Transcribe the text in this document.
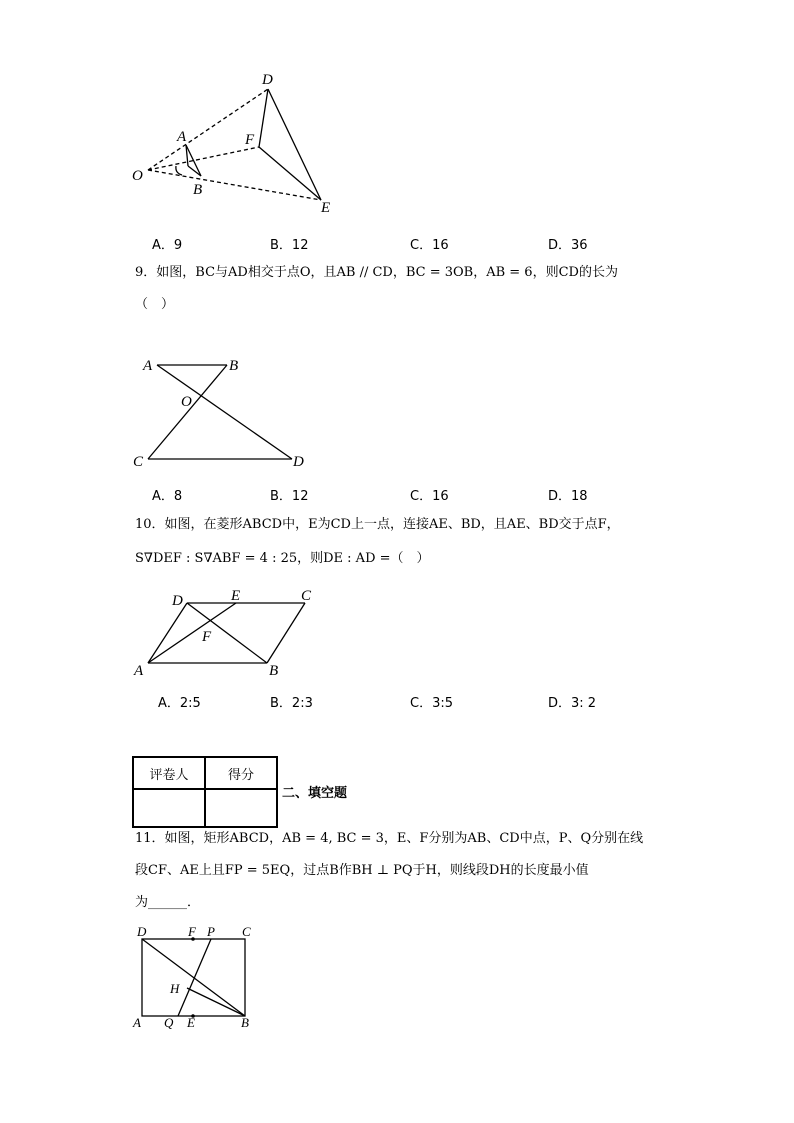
D
A	F
O
B
E
A．9	B．12	C．16	D．36
9．如图，BC与AD相交于点O，且AB // CD，BC = 3OB，AB = 6，则CD的长为
（　）
A	B
O
C	D
A．8	B．12	C．16	D．18
10．如图，在菱形ABCD中，E为CD上一点，连接AE、BD，且AE、BD交于点F，
S∇DEF : S∇ABF = 4 : 25，则DE : AD =（　）
D	E	C
F
A	B
A．2:5	B．2:3	C．3:5	D．3: 2
评卷人	得分

二、填空题
11．如图，矩形ABCD，AB = 4, BC = 3，E、F分别为AB、CD中点，P、Q分别在线
段CF、AE上且FP = 5EQ，过点B作BH ⊥ PQ于H，则线段DH的长度最小值
为______．
D	F P C
H
A Q E	B
